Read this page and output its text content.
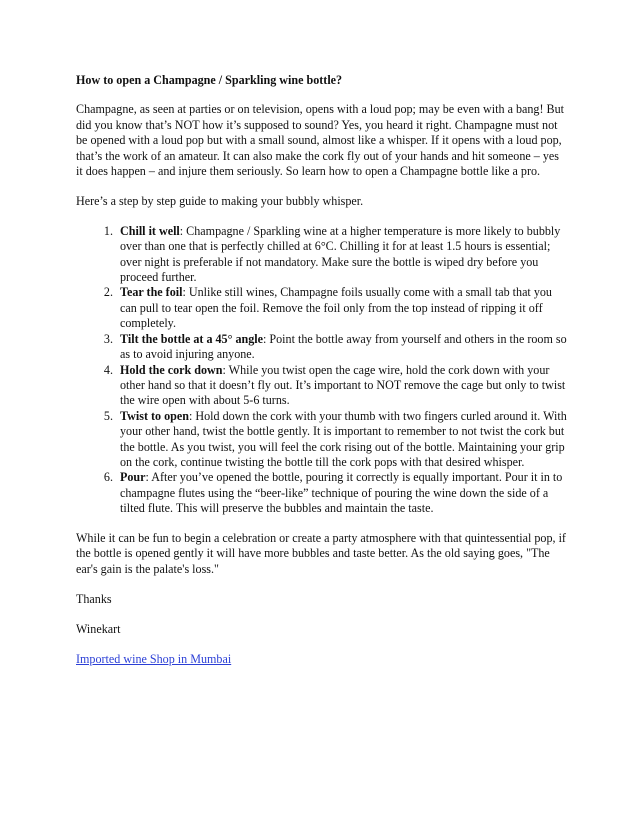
How to open a Champagne / Sparkling wine bottle?

Champagne, as seen at parties or on television, opens with a loud pop; may be even with a bang! But did you know that’s NOT how it’s supposed to sound? Yes, you heard it right. Champagne must not be opened with a loud pop but with a small sound, almost like a whisper. If it opens with a loud pop, that’s the work of an amateur. It can also make the cork fly out of your hands and hit someone – yes it does happen – and injure them seriously. So learn how to open a Champagne bottle like a pro.

Here’s a step by step guide to making your bubbly whisper.

1. Chill it well: Champagne / Sparkling wine at a higher temperature is more likely to bubbly over than one that is perfectly chilled at 6°C. Chilling it for at least 1.5 hours is essential; over night is preferable if not mandatory. Make sure the bottle is wiped dry before you proceed further.
2. Tear the foil: Unlike still wines, Champagne foils usually come with a small tab that you can pull to tear open the foil. Remove the foil only from the top instead of ripping it off completely.
3. Tilt the bottle at a 45° angle: Point the bottle away from yourself and others in the room so as to avoid injuring anyone.
4. Hold the cork down: While you twist open the cage wire, hold the cork down with your other hand so that it doesn’t fly out. It’s important to NOT remove the cage but only to twist the wire open with about 5-6 turns.
5. Twist to open: Hold down the cork with your thumb with two fingers curled around it. With your other hand, twist the bottle gently. It is important to remember to not twist the cork but the bottle. As you twist, you will feel the cork rising out of the bottle. Maintaining your grip on the cork, continue twisting the bottle till the cork pops with that desired whisper.
6. Pour: After you’ve opened the bottle, pouring it correctly is equally important. Pour it in to champagne flutes using the “beer-like” technique of pouring the wine down the side of a tilted flute. This will preserve the bubbles and maintain the taste.

While it can be fun to begin a celebration or create a party atmosphere with that quintessential pop, if the bottle is opened gently it will have more bubbles and taste better. As the old saying goes, "The ear's gain is the palate's loss."

Thanks

Winekart

Imported wine Shop in Mumbai
